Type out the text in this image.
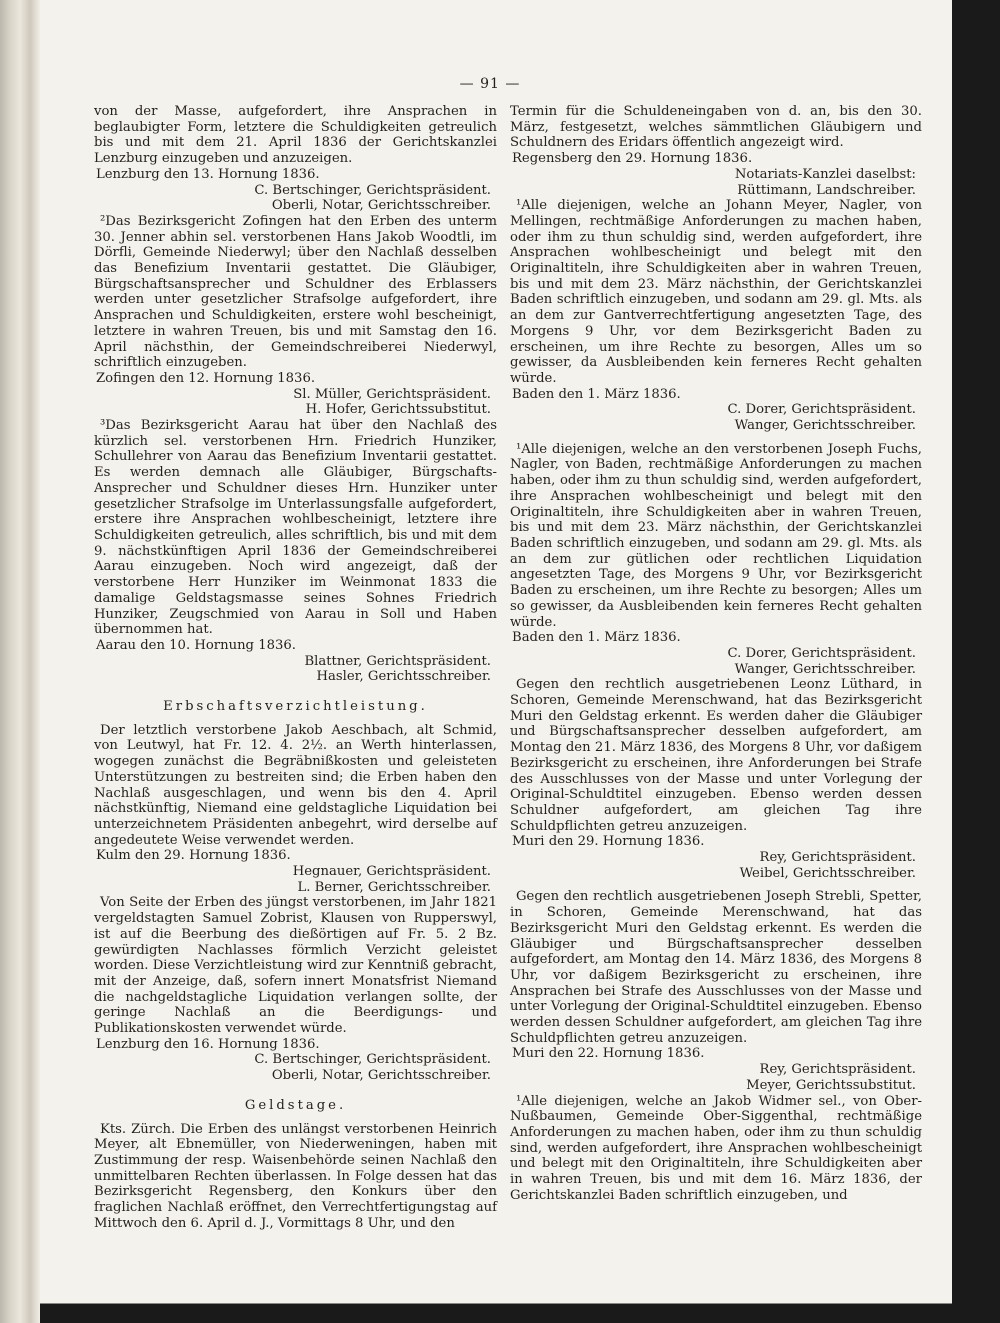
— 91 —

von der Masse, aufgefordert, ihre Ansprachen in beglaubigter Form, letztere die Schuldigkeiten getreulich bis und mit dem 21. April 1836 der Gerichtskanzlei Lenzburg einzugeben und anzuzeigen.

Lenzburg den 13. Hornung 1836.

C. Bertschinger, Gerichtspräsident.

Oberli, Notar, Gerichtsschreiber.

²Das Bezirksgericht Zofingen hat den Erben des unterm 30. Jenner abhin sel. verstorbenen Hans Jakob Woodtli, im Dörfli, Gemeinde Niederwyl; über den Nachlaß desselben das Benefizium Inventarii gestattet. Die Gläubiger, Bürgschaftsansprecher und Schuldner des Erblassers werden unter gesetzlicher Strafsolge aufgefordert, ihre Ansprachen und Schuldigkeiten, erstere wohl bescheinigt, letztere in wahren Treuen, bis und mit Samstag den 16. April nächsthin, der Gemeindschreiberei Niederwyl, schriftlich einzugeben.

Zofingen den 12. Hornung 1836.

Sl. Müller, Gerichtspräsident.

H. Hofer, Gerichtssubstitut.

³Das Bezirksgericht Aarau hat über den Nachlaß des kürzlich sel. verstorbenen Hrn. Friedrich Hunziker, Schullehrer von Aarau das Benefizium Inventarii gestattet. Es werden demnach alle Gläubiger, Bürgschafts-Ansprecher und Schuldner dieses Hrn. Hunziker unter gesetzlicher Strafsolge im Unterlassungsfalle aufgefordert, erstere ihre Ansprachen wohlbescheinigt, letztere ihre Schuldigkeiten getreulich, alles schriftlich, bis und mit dem 9. nächstkünftigen April 1836 der Gemeindschreiberei Aarau einzugeben. Noch wird angezeigt, daß der verstorbene Herr Hunziker im Weinmonat 1833 die damalige Geldstagsmasse seines Sohnes Friedrich Hunziker, Zeugschmied von Aarau in Soll und Haben übernommen hat.

Aarau den 10. Hornung 1836.

Blattner, Gerichtspräsident.

Hasler, Gerichtsschreiber.

Erbschaftsverzichtleistung.

Der letztlich verstorbene Jakob Aeschbach, alt Schmid, von Leutwyl, hat Fr. 12. 4. 2½. an Werth hinterlassen, wogegen zunächst die Begräbnißkosten und geleisteten Unterstützungen zu bestreiten sind; die Erben haben den Nachlaß ausgeschlagen, und wenn bis den 4. April nächstkünftig, Niemand eine geldstagliche Liquidation bei unterzeichnetem Präsidenten anbegehrt, wird derselbe auf angedeutete Weise verwendet werden.

Kulm den 29. Hornung 1836.

Hegnauer, Gerichtspräsident.

L. Berner, Gerichtsschreiber.

Von Seite der Erben des jüngst verstorbenen, im Jahr 1821 vergeldstagten Samuel Zobrist, Klausen von Rupperswyl, ist auf die Beerbung des dießörtigen auf Fr. 5. 2 Bz. gewürdigten Nachlasses förmlich Verzicht geleistet worden. Diese Verzichtleistung wird zur Kenntniß gebracht, mit der Anzeige, daß, sofern innert Monatsfrist Niemand die nachgeldstagliche Liquidation verlangen sollte, der geringe Nachlaß an die Beerdigungs- und Publikationskosten verwendet würde.

Lenzburg den 16. Hornung 1836.

C. Bertschinger, Gerichtspräsident.

Oberli, Notar, Gerichtsschreiber.

Geldstage.

Kts. Zürch. Die Erben des unlängst verstorbenen Heinrich Meyer, alt Ebnemüller, von Niederweningen, haben mit Zustimmung der resp. Waisenbehörde seinen Nachlaß den unmittelbaren Rechten überlassen. In Folge dessen hat das Bezirksgericht Regensberg, den Konkurs über den fraglichen Nachlaß eröffnet, den Verrechtfertigungstag auf Mittwoch den 6. April d. J., Vormittags 8 Uhr, und den

Termin für die Schuldeneingaben von d. an, bis den 30. März, festgesetzt, welches sämmtlichen Gläubigern und Schuldnern des Eridars öffentlich angezeigt wird.

Regensberg den 29. Hornung 1836.

Notariats-Kanzlei daselbst:

Rüttimann, Landschreiber.

¹Alle diejenigen, welche an Johann Meyer, Nagler, von Mellingen, rechtmäßige Anforderungen zu machen haben, oder ihm zu thun schuldig sind, werden aufgefordert, ihre Ansprachen wohlbescheinigt und belegt mit den Originaltiteln, ihre Schuldigkeiten aber in wahren Treuen, bis und mit dem 23. März nächsthin, der Gerichtskanzlei Baden schriftlich einzugeben, und sodann am 29. gl. Mts. als an dem zur Gantverrechtfertigung angesetzten Tage, des Morgens 9 Uhr, vor dem Bezirksgericht Baden zu erscheinen, um ihre Rechte zu besorgen, Alles um so gewisser, da Ausbleibenden kein ferneres Recht gehalten würde.

Baden den 1. März 1836.

C. Dorer, Gerichtspräsident.

Wanger, Gerichtsschreiber.

¹Alle diejenigen, welche an den verstorbenen Joseph Fuchs, Nagler, von Baden, rechtmäßige Anforderungen zu machen haben, oder ihm zu thun schuldig sind, werden aufgefordert, ihre Ansprachen wohlbescheinigt und belegt mit den Originaltiteln, ihre Schuldigkeiten aber in wahren Treuen, bis und mit dem 23. März nächsthin, der Gerichtskanzlei Baden schriftlich einzugeben, und sodann am 29. gl. Mts. als an dem zur gütlichen oder rechtlichen Liquidation angesetzten Tage, des Morgens 9 Uhr, vor Bezirksgericht Baden zu erscheinen, um ihre Rechte zu besorgen; Alles um so gewisser, da Ausbleibenden kein ferneres Recht gehalten würde.

Baden den 1. März 1836.

C. Dorer, Gerichtspräsident.

Wanger, Gerichtsschreiber.

Gegen den rechtlich ausgetriebenen Leonz Lüthard, in Schoren, Gemeinde Merenschwand, hat das Bezirksgericht Muri den Geldstag erkennt. Es werden daher die Gläubiger und Bürgschaftsansprecher desselben aufgefordert, am Montag den 21. März 1836, des Morgens 8 Uhr, vor daßigem Bezirksgericht zu erscheinen, ihre Anforderungen bei Strafe des Ausschlusses von der Masse und unter Vorlegung der Original-Schuldtitel einzugeben. Ebenso werden dessen Schuldner aufgefordert, am gleichen Tag ihre Schuldpflichten getreu anzuzeigen.

Muri den 29. Hornung 1836.

Rey, Gerichtspräsident.

Weibel, Gerichtsschreiber.

Gegen den rechtlich ausgetriebenen Joseph Strebli, Spetter, in Schoren, Gemeinde Merenschwand, hat das Bezirksgericht Muri den Geldstag erkennt. Es werden die Gläubiger und Bürgschaftsansprecher desselben aufgefordert, am Montag den 14. März 1836, des Morgens 8 Uhr, vor daßigem Bezirksgericht zu erscheinen, ihre Ansprachen bei Strafe des Ausschlusses von der Masse und unter Vorlegung der Original-Schuldtitel einzugeben. Ebenso werden dessen Schuldner aufgefordert, am gleichen Tag ihre Schuldpflichten getreu anzuzeigen.

Muri den 22. Hornung 1836.

Rey, Gerichtspräsident.

Meyer, Gerichtssubstitut.

¹Alle diejenigen, welche an Jakob Widmer sel., von Ober-Nußbaumen, Gemeinde Ober-Siggenthal, rechtmäßige Anforderungen zu machen haben, oder ihm zu thun schuldig sind, werden aufgefordert, ihre Ansprachen wohlbescheinigt und belegt mit den Originaltiteln, ihre Schuldigkeiten aber in wahren Treuen, bis und mit dem 16. März 1836, der Gerichtskanzlei Baden schriftlich einzugeben, und
